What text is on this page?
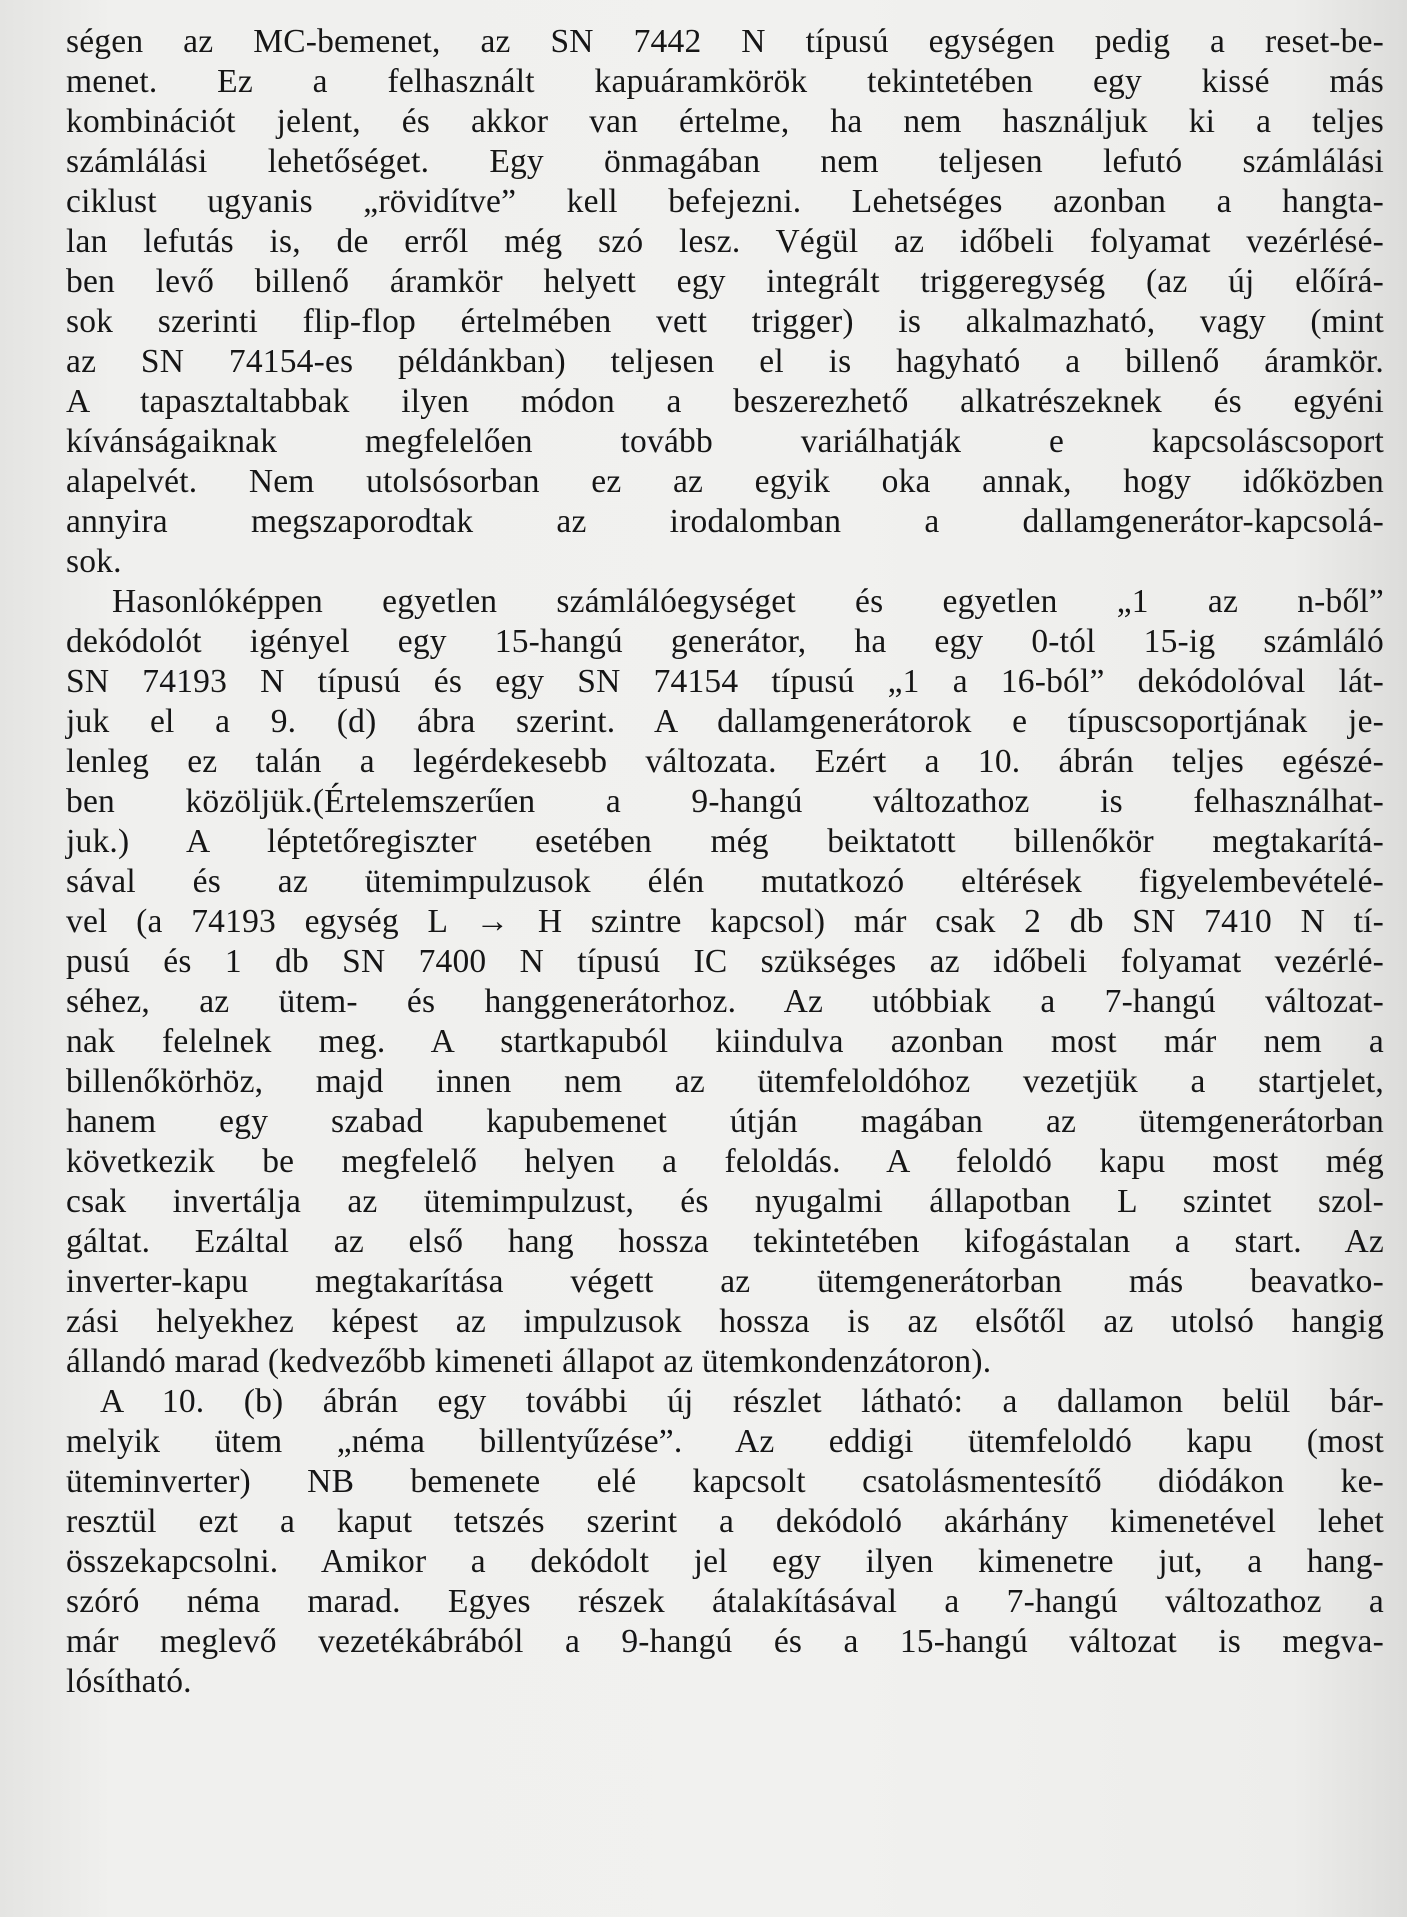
ségen az MC-bemenet, az SN 7442 N típusú egységen pedig a reset-be-
menet. Ez a felhasznált kapuáramkörök tekintetében egy kissé más
kombinációt jelent, és akkor van értelme, ha nem használjuk ki a teljes
számlálási lehetőséget. Egy önmagában nem teljesen lefutó számlálási
ciklust ugyanis „rövidítve” kell befejezni. Lehetséges azonban a hangta-
lan lefutás is, de erről még szó lesz. Végül az időbeli folyamat vezérlésé-
ben levő billenő áramkör helyett egy integrált triggeregység (az új előírá-
sok szerinti flip-flop értelmében vett trigger) is alkalmazható, vagy (mint
az SN 74154-es példánkban) teljesen el is hagyható a billenő áramkör.
A tapasztaltabbak ilyen módon a beszerezhető alkatrészeknek és egyéni
kívánságaiknak megfelelően tovább variálhatják e kapcsoláscsoport
alapelvét. Nem utolsósorban ez az egyik oka annak, hogy időközben
annyira megszaporodtak az irodalomban a dallamgenerátor-kapcsolá-
sok.
Hasonlóképpen egyetlen számlálóegységet és egyetlen „1 az n-ből”
dekódolót igényel egy 15-hangú generátor, ha egy 0-tól 15-ig számláló
SN 74193 N típusú és egy SN 74154 típusú „1 a 16-ból” dekódolóval lát-
juk el a 9. (d) ábra szerint. A dallamgenerátorok e típuscsoportjának je-
lenleg ez talán a legérdekesebb változata. Ezért a 10. ábrán teljes egészé-
ben közöljük.(Értelemszerűen a 9-hangú változathoz is felhasználhat-
juk.) A léptetőregiszter esetében még beiktatott billenőkör megtakarítá-
sával és az ütemimpulzusok élén mutatkozó eltérések figyelembevételé-
vel (a 74193 egység L → H szintre kapcsol) már csak 2 db SN 7410 N tí-
pusú és 1 db SN 7400 N típusú IC szükséges az időbeli folyamat vezérlé-
séhez, az ütem- és hanggenerátorhoz. Az utóbbiak a 7-hangú változat-
nak felelnek meg. A startkapuból kiindulva azonban most már nem a
billenőkörhöz, majd innen nem az ütemfeloldóhoz vezetjük a startjelet,
hanem egy szabad kapubemenet útján magában az ütemgenerátorban
következik be megfelelő helyen a feloldás. A feloldó kapu most még
csak invertálja az ütemimpulzust, és nyugalmi állapotban L szintet szol-
gáltat. Ezáltal az első hang hossza tekintetében kifogástalan a start. Az
inverter-kapu megtakarítása végett az ütemgenerátorban más beavatko-
zási helyekhez képest az impulzusok hossza is az elsőtől az utolsó hangig
állandó marad (kedvezőbb kimeneti állapot az ütemkondenzátoron).
A 10. (b) ábrán egy további új részlet látható: a dallamon belül bár-
melyik ütem „néma billentyűzése”. Az eddigi ütemfeloldó kapu (most
üteminverter) NB bemenete elé kapcsolt csatolásmentesítő diódákon ke-
resztül ezt a kaput tetszés szerint a dekódoló akárhány kimenetével lehet
összekapcsolni. Amikor a dekódolt jel egy ilyen kimenetre jut, a hang-
szóró néma marad. Egyes részek átalakításával a 7-hangú változathoz a
már meglevő vezetékábrából a 9-hangú és a 15-hangú változat is megva-
lósítható.
